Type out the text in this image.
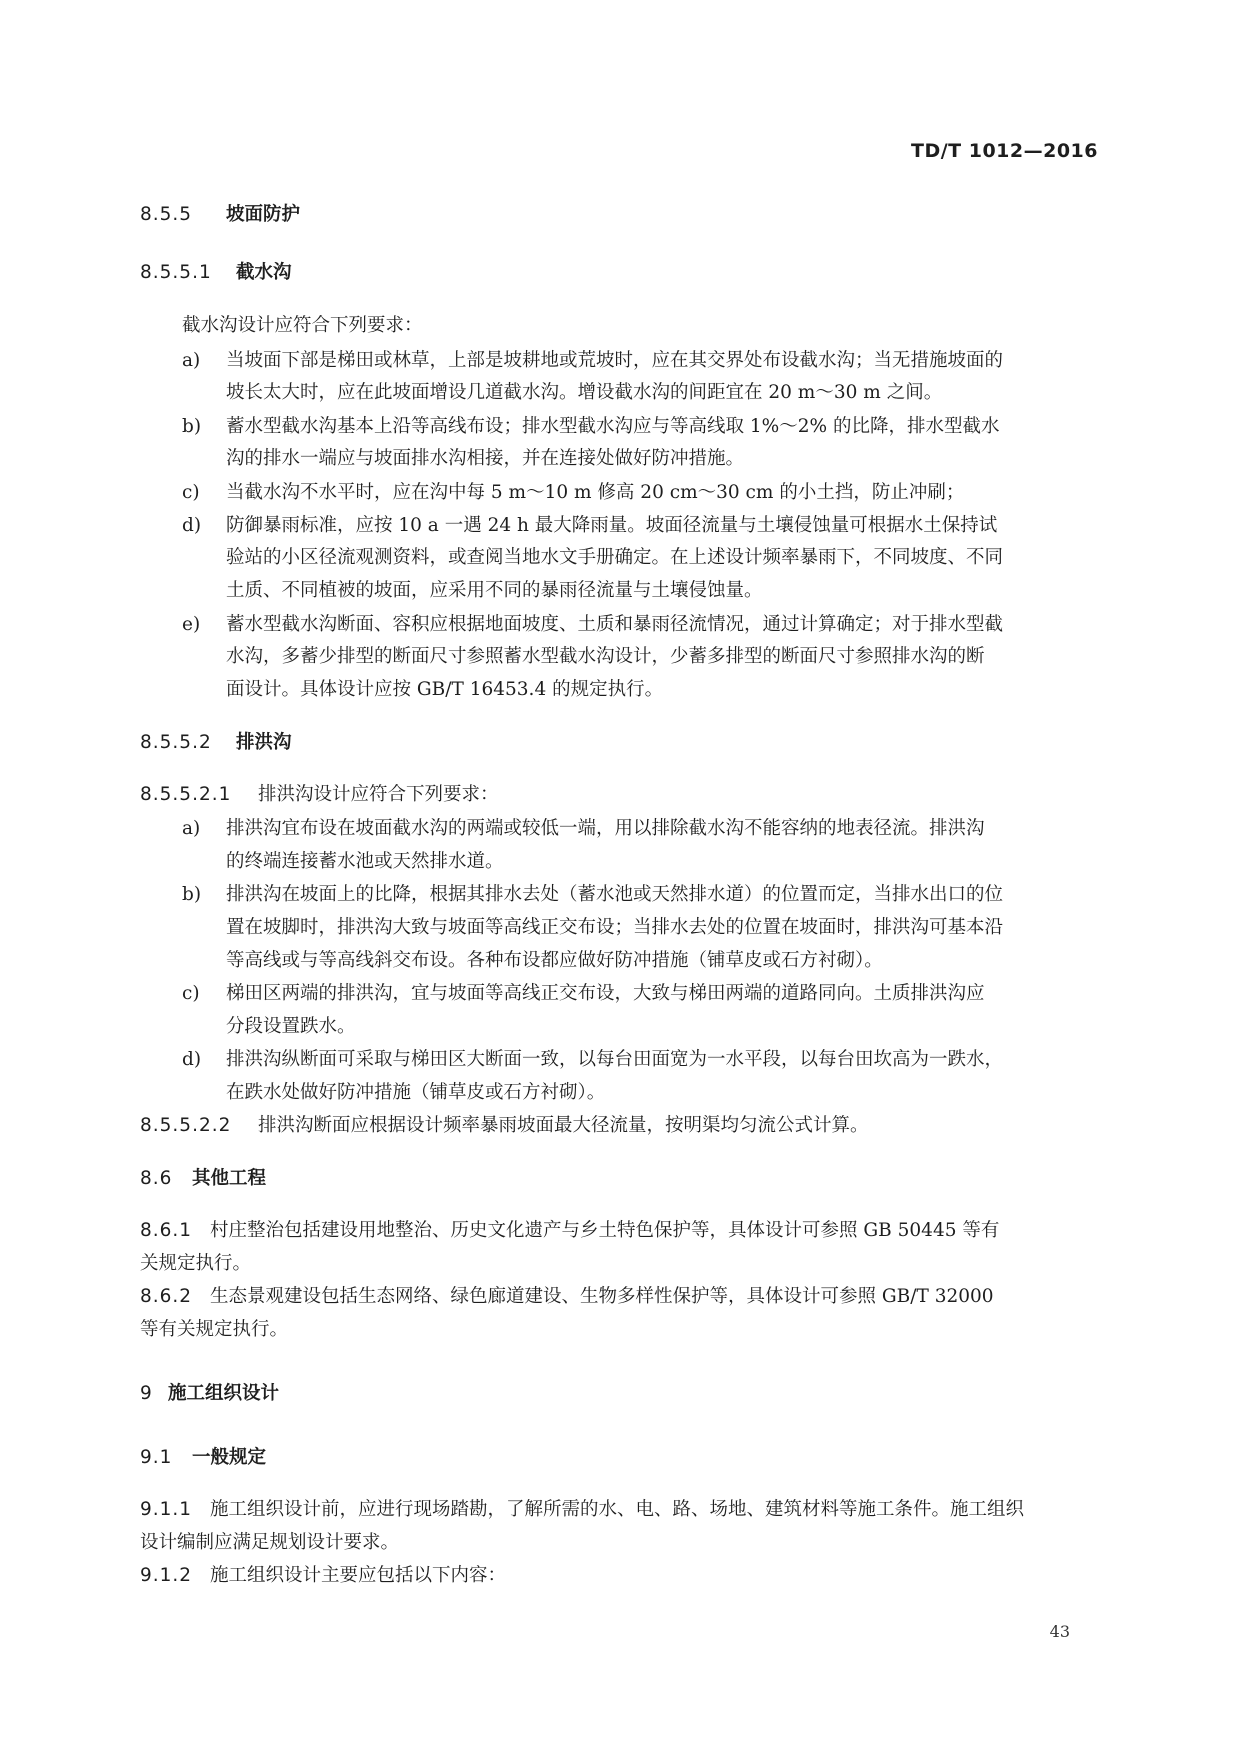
TD/T 1012—2016
8.5.5 坡面防护
8.5.5.1 截水沟
截水沟设计应符合下列要求：
a) 当坡面下部是梯田或林草，上部是坡耕地或荒坡时，应在其交界处布设截水沟；当无措施坡面的
坡长太大时，应在此坡面增设几道截水沟。增设截水沟的间距宜在 20 m～30 m 之间。
b) 蓄水型截水沟基本上沿等高线布设；排水型截水沟应与等高线取 1%～2% 的比降，排水型截水
沟的排水一端应与坡面排水沟相接，并在连接处做好防冲措施。
c) 当截水沟不水平时，应在沟中每 5 m～10 m 修高 20 cm～30 cm 的小土挡，防止冲刷；
d) 防御暴雨标准，应按 10 a 一遇 24 h 最大降雨量。坡面径流量与土壤侵蚀量可根据水土保持试
验站的小区径流观测资料，或查阅当地水文手册确定。在上述设计频率暴雨下，不同坡度、不同
土质、不同植被的坡面，应采用不同的暴雨径流量与土壤侵蚀量。
e) 蓄水型截水沟断面、容积应根据地面坡度、土质和暴雨径流情况，通过计算确定；对于排水型截
水沟，多蓄少排型的断面尺寸参照蓄水型截水沟设计，少蓄多排型的断面尺寸参照排水沟的断
面设计。具体设计应按 GB/T 16453.4 的规定执行。
8.5.5.2 排洪沟
8.5.5.2.1 排洪沟设计应符合下列要求：
a) 排洪沟宜布设在坡面截水沟的两端或较低一端，用以排除截水沟不能容纳的地表径流。排洪沟
的终端连接蓄水池或天然排水道。
b) 排洪沟在坡面上的比降，根据其排水去处（蓄水池或天然排水道）的位置而定，当排水出口的位
置在坡脚时，排洪沟大致与坡面等高线正交布设；当排水去处的位置在坡面时，排洪沟可基本沿
等高线或与等高线斜交布设。各种布设都应做好防冲措施（铺草皮或石方衬砌）。
c) 梯田区两端的排洪沟，宜与坡面等高线正交布设，大致与梯田两端的道路同向。土质排洪沟应
分段设置跌水。
d) 排洪沟纵断面可采取与梯田区大断面一致，以每台田面宽为一水平段，以每台田坎高为一跌水，
在跌水处做好防冲措施（铺草皮或石方衬砌）。
8.5.5.2.2 排洪沟断面应根据设计频率暴雨坡面最大径流量，按明渠均匀流公式计算。
8.6 其他工程
8.6.1 村庄整治包括建设用地整治、历史文化遗产与乡土特色保护等，具体设计可参照 GB 50445 等有
关规定执行。
8.6.2 生态景观建设包括生态网络、绿色廊道建设、生物多样性保护等，具体设计可参照 GB/T 32000
等有关规定执行。
9 施工组织设计
9.1 一般规定
9.1.1 施工组织设计前，应进行现场踏勘，了解所需的水、电、路、场地、建筑材料等施工条件。施工组织
设计编制应满足规划设计要求。
9.1.2 施工组织设计主要应包括以下内容：
43
